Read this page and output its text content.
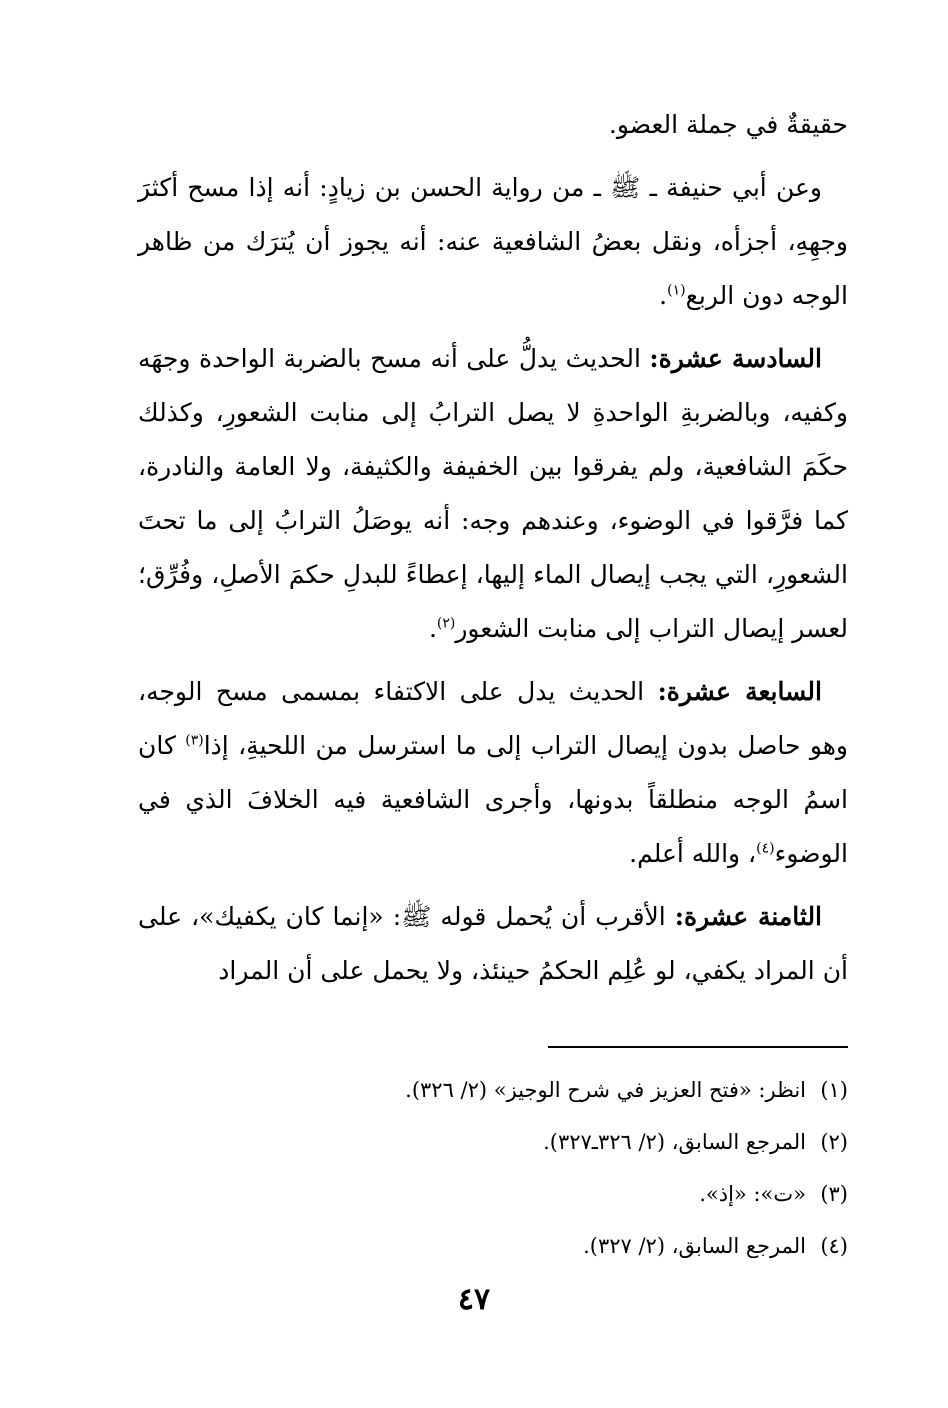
حقيقةٌ في جملة العضو.

وعن أبي حنيفة ـ ﷺ ـ من رواية الحسن بن زيادٍ: أنه إذا مسح أكثرَ وجهِهِ، أجزأه، ونقل بعضُ الشافعية عنه: أنه يجوز أن يُترَك من ظاهر الوجه دون الربع$^{(١)}$.

السادسة عشرة: الحديث يدلُّ على أنه مسح بالضربة الواحدة وجهَه وكفيه، وبالضربةِ الواحدةِ لا يصل الترابُ إلى منابت الشعورِ، وكذلك حكَمَ الشافعية، ولم يفرقوا بين الخفيفة والكثيفة، ولا العامة والنادرة، كما فرَّقوا في الوضوء، وعندهم وجه: أنه يوصَلُ الترابُ إلى ما تحتَ الشعورِ، التي يجب إيصال الماء إليها، إعطاءً للبدلِ حكمَ الأصلِ، وفُرِّق؛ لعسر إيصال التراب إلى منابت الشعور$^{(٢)}$.

السابعة عشرة: الحديث يدل على الاكتفاء بمسمى مسح الوجه، وهو حاصل بدون إيصال التراب إلى ما استرسل من اللحيةِ، إذا$^{(٣)}$ كان اسمُ الوجه منطلقاً بدونها، وأجرى الشافعية فيه الخلافَ الذي في الوضوء$^{(٤)}$، والله أعلم.

الثامنة عشرة: الأقرب أن يُحمل قوله ﷺ: «إنما كان يكفيك»، على أن المراد يكفي، لو عُلِم الحكمُ حينئذ، ولا يحمل على أن المراد

(١)
انظر: «فتح العزيز في شرح الوجيز» (٢/ ٣٢٦).
(٢)
المرجع السابق، (٢/ ٣٢٦ـ٣٢٧).
(٣)
«ت»: «إذ».
(٤)
المرجع السابق، (٢/ ٣٢٧).
٤٧
